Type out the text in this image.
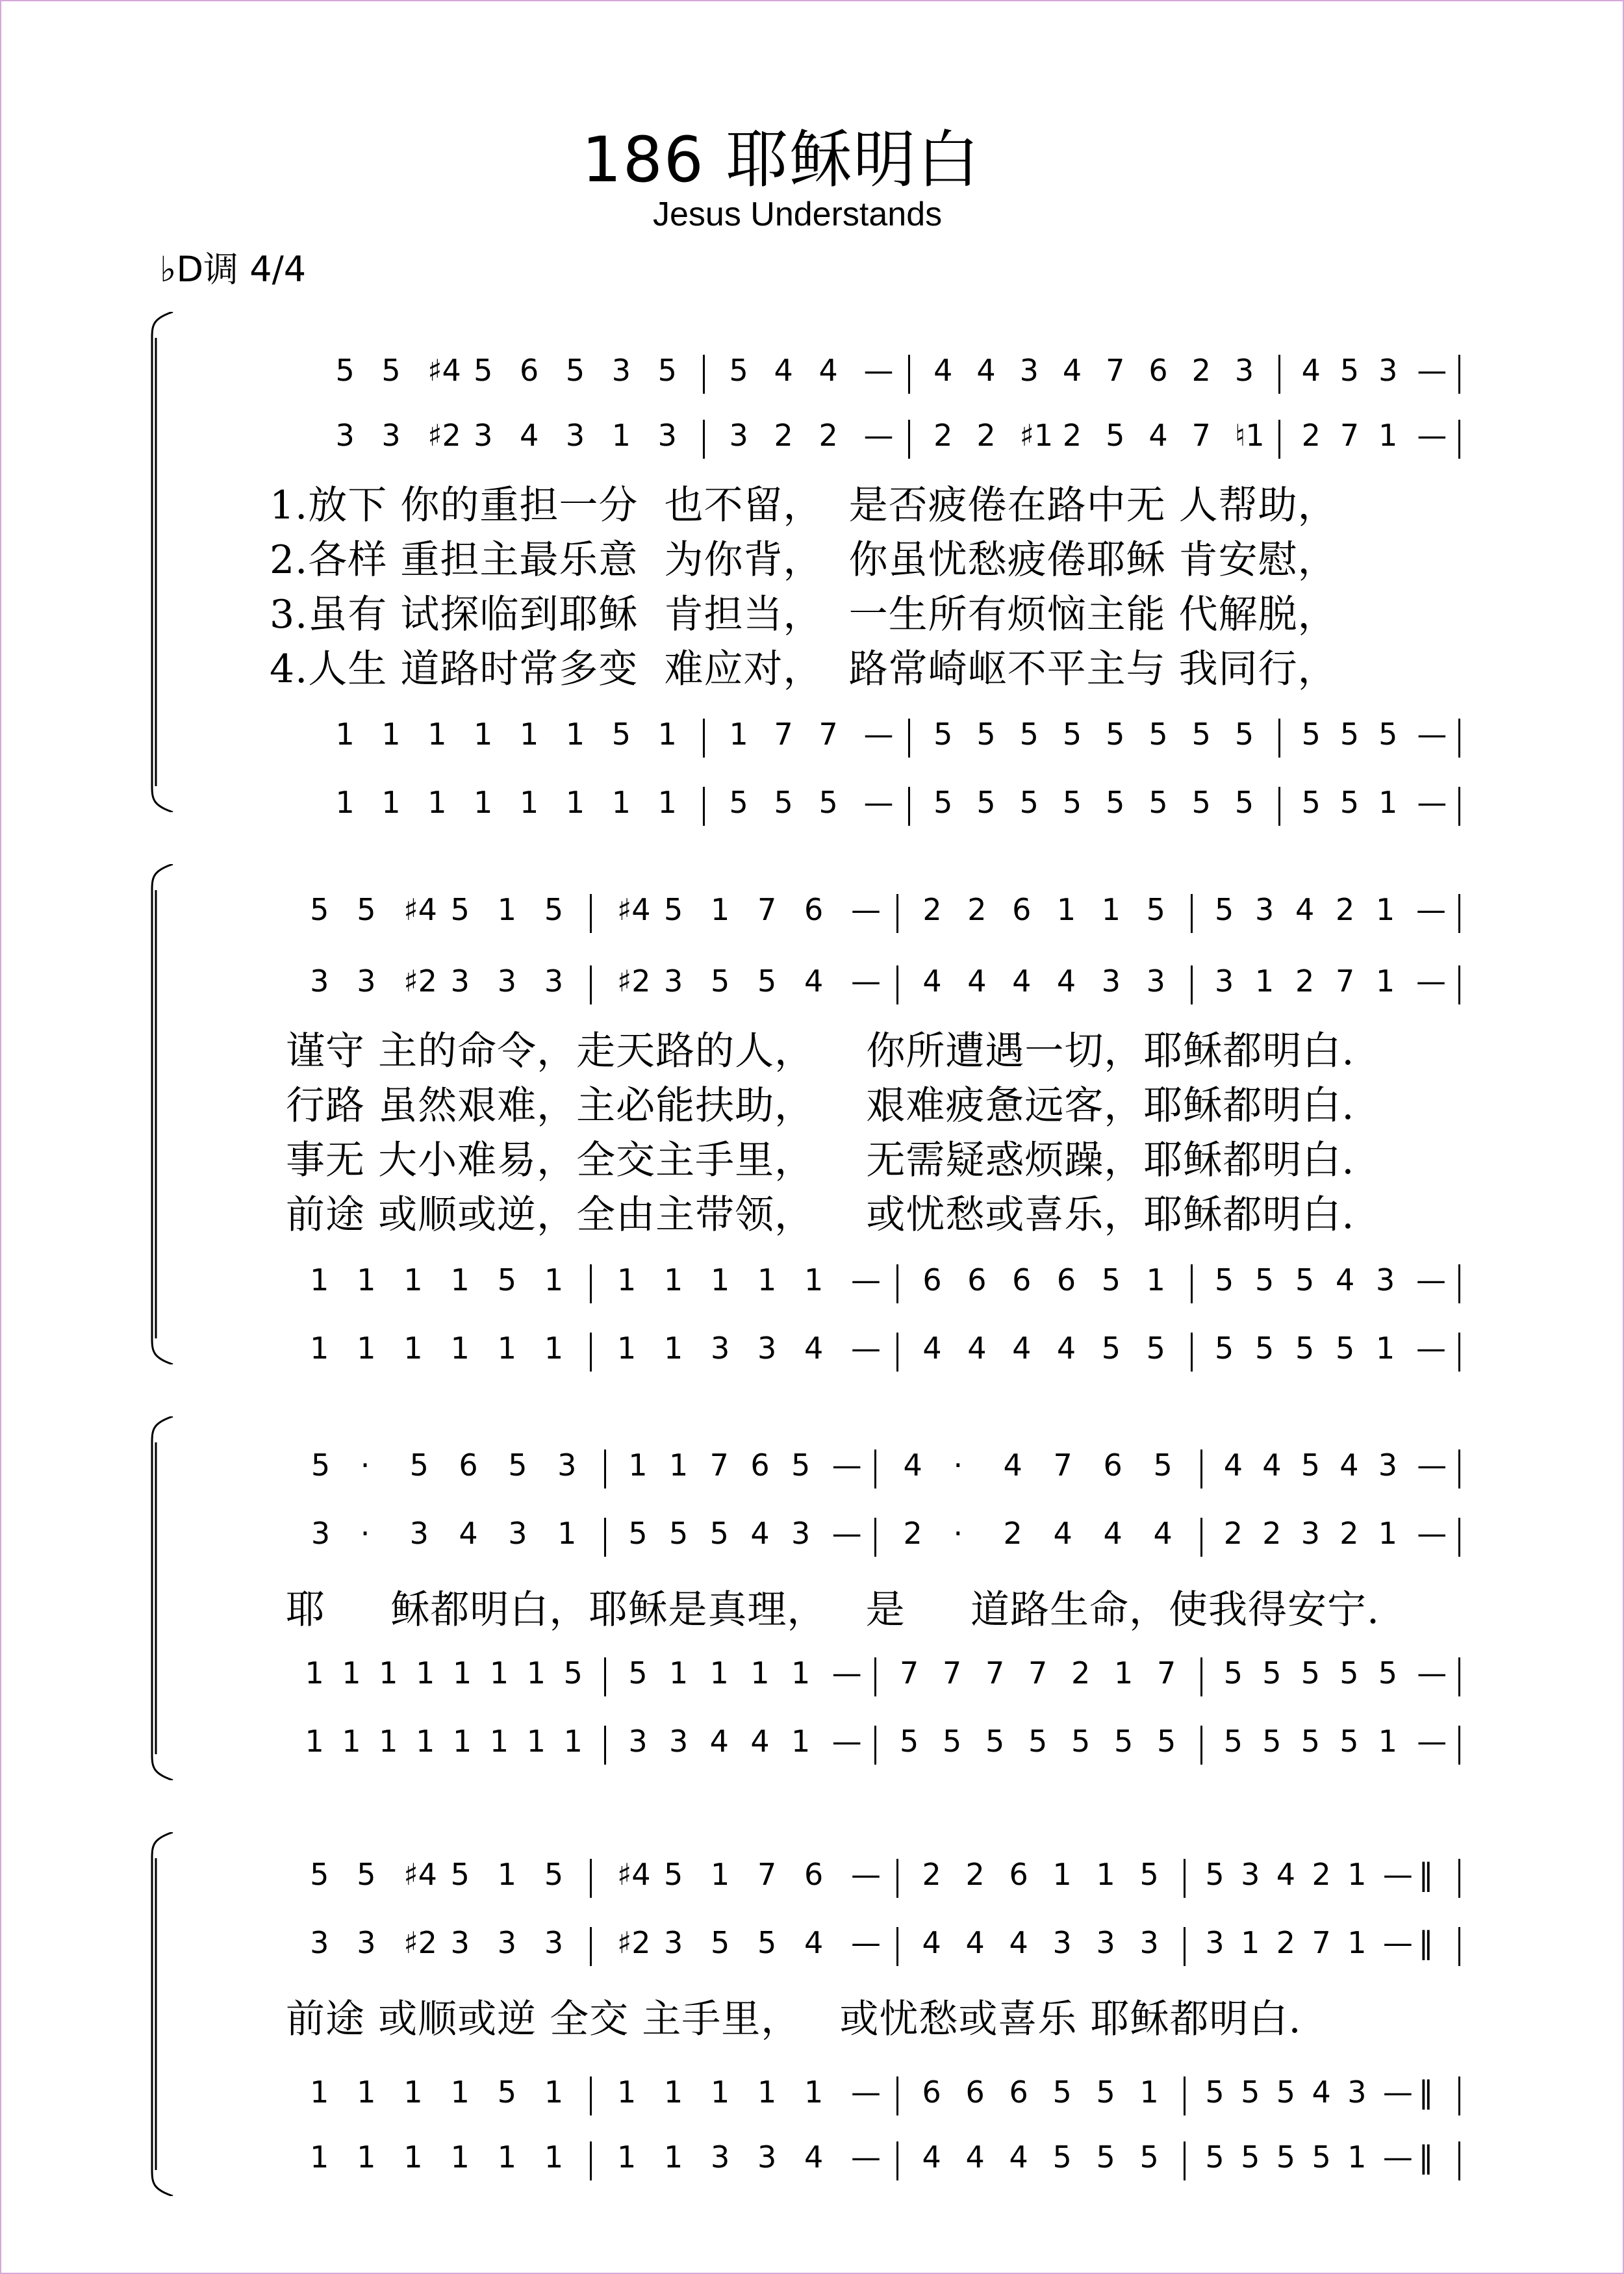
186 耶稣明白
Jesus Understands
♭D调 4/4
5 5 ♯4 5 6 5 3 5 5 4 4 — 4 4 3 4 7 6 2 3 4 5 3 —
3 3 ♯2 3 4 3 1 3 3 2 2 — 2 2 ♯1 2 5 4 7 ♮1 2 7 1 —
1.放下 你的重担一分  也不留，  是否疲倦在路中无 人帮助，
2.各样 重担主最乐意  为你背，  你虽忧愁疲倦耶稣 肯安慰，
3.虽有 试探临到耶稣  肯担当，  一生所有烦恼主能 代解脱，
4.人生 道路时常多变  难应对，  路常崎岖不平主与 我同行，
1 1 1 1 1 1 5 1 1 7 7 — 5 5 5 5 5 5 5 5 5 5 5 —
1 1 1 1 1 1 1 1 5 5 5 — 5 5 5 5 5 5 5 5 5 5 1 —
5 5 ♯4 5 1 5 ♯4 5 1 7 6 — 2 2 6 1 1 5 5 3 4 2 1 —
3 3 ♯2 3 3 3 ♯2 3 5 5 4 — 4 4 4 4 3 3 3 1 2 7 1 —
谨守 主的命令，走天路的人，    你所遭遇一切，耶稣都明白.
行路 虽然艰难，主必能扶助，    艰难疲惫远客，耶稣都明白.
事无 大小难易，全交主手里，    无需疑惑烦躁，耶稣都明白.
前途 或顺或逆，全由主带领，    或忧愁或喜乐，耶稣都明白.
1 1 1 1 5 1 1 1 1 1 1 — 6 6 6 6 5 1 5 5 5 4 3 —
1 1 1 1 1 1 1 1 3 3 4 — 4 4 4 4 5 5 5 5 5 5 1 —
5 · 5 6 5 3 1 1 7 6 5 — 4 · 4 7 6 5 4 4 5 4 3 —
3 · 3 4 3 1 5 5 5 4 3 — 2 · 2 4 4 4 2 2 3 2 1 —
耶     稣都明白，耶稣是真理，   是     道路生命，使我得安宁.
1 1 1 1 1 1 1 5 5 1 1 1 1 — 7 7 7 7 2 1 7 5 5 5 5 5 —
1 1 1 1 1 1 1 1 3 3 4 4 1 — 5 5 5 5 5 5 5 5 5 5 5 1 —
5 5 ♯4 5 1 5 ♯4 5 1 7 6 — 2 2 6 1 1 5 5 3 4 2 1 — ‖
3 3 ♯2 3 3 3 ♯2 3 5 5 4 — 4 4 4 3 3 3 3 1 2 7 1 — ‖
前途 或顺或逆 全交 主手里，   或忧愁或喜乐 耶稣都明白.
1 1 1 1 5 1 1 1 1 1 1 — 6 6 6 5 5 1 5 5 5 4 3 — ‖
1 1 1 1 1 1 1 1 3 3 4 — 4 4 4 5 5 5 5 5 5 5 1 — ‖
